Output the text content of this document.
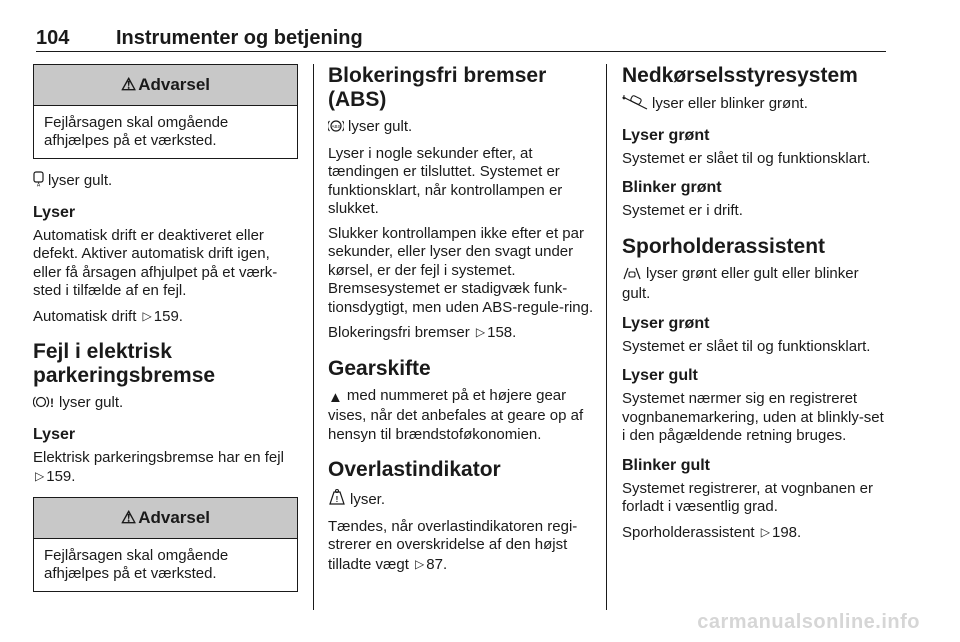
104 Instrumenter og betjening
⚠ Advarsel
Fejlårsagen skal omgående afhjælpes på et værksted.

A lyser gult.

Lyser

Automatisk drift er deaktiveret eller defekt. Aktiver automatisk drift igen, eller få årsagen afhjulpet på et værk-sted i tilfælde af en fejl.

Automatisk drift ▷ 159.

Fejl i elektrisk parkeringsbremse

! lyser gult.

Lyser

Elektrisk parkeringsbremse har en fejl
▷ 159.

⚠ Advarsel
Fejlårsagen skal omgående afhjælpes på et værksted.
Blokeringsfri bremser (ABS)

ABS lyser gult.

Lyser i nogle sekunder efter, at tændingen er tilsluttet. Systemet er funktionsklart, når kontrollampen er slukket.

Slukker kontrollampen ikke efter et par sekunder, eller lyser den svagt under kørsel, er der fejl i systemet. Bremsesystemet er stadigvæk funk-tionsdygtigt, men uden ABS-regule-ring.

Blokeringsfri bremser ▷ 158.

Gearskifte

▲ med nummeret på et højere gear vises, når det anbefales at geare op af hensyn til brændstoføkonomien.

Overlastindikator

! lyser.

Tændes, når overlastindikatoren regi-strerer en overskridelse af den højst tilladte vægt ▷ 87.

Nedkørselsstyresystem

lyser eller blinker grønt.

Lyser grønt

Systemet er slået til og funktionsklart.

Blinker grønt

Systemet er i drift.

Sporholderassistent

lyser grønt eller gult eller blinker gult.

Lyser grønt

Systemet er slået til og funktionsklart.

Lyser gult

Systemet nærmer sig en registreret vognbanemarkering, uden at blinkly-set i den pågældende retning bruges.

Blinker gult

Systemet registrerer, at vognbanen er forladt i væsentlig grad.

Sporholderassistent ▷ 198.

carmanualsonline.info
